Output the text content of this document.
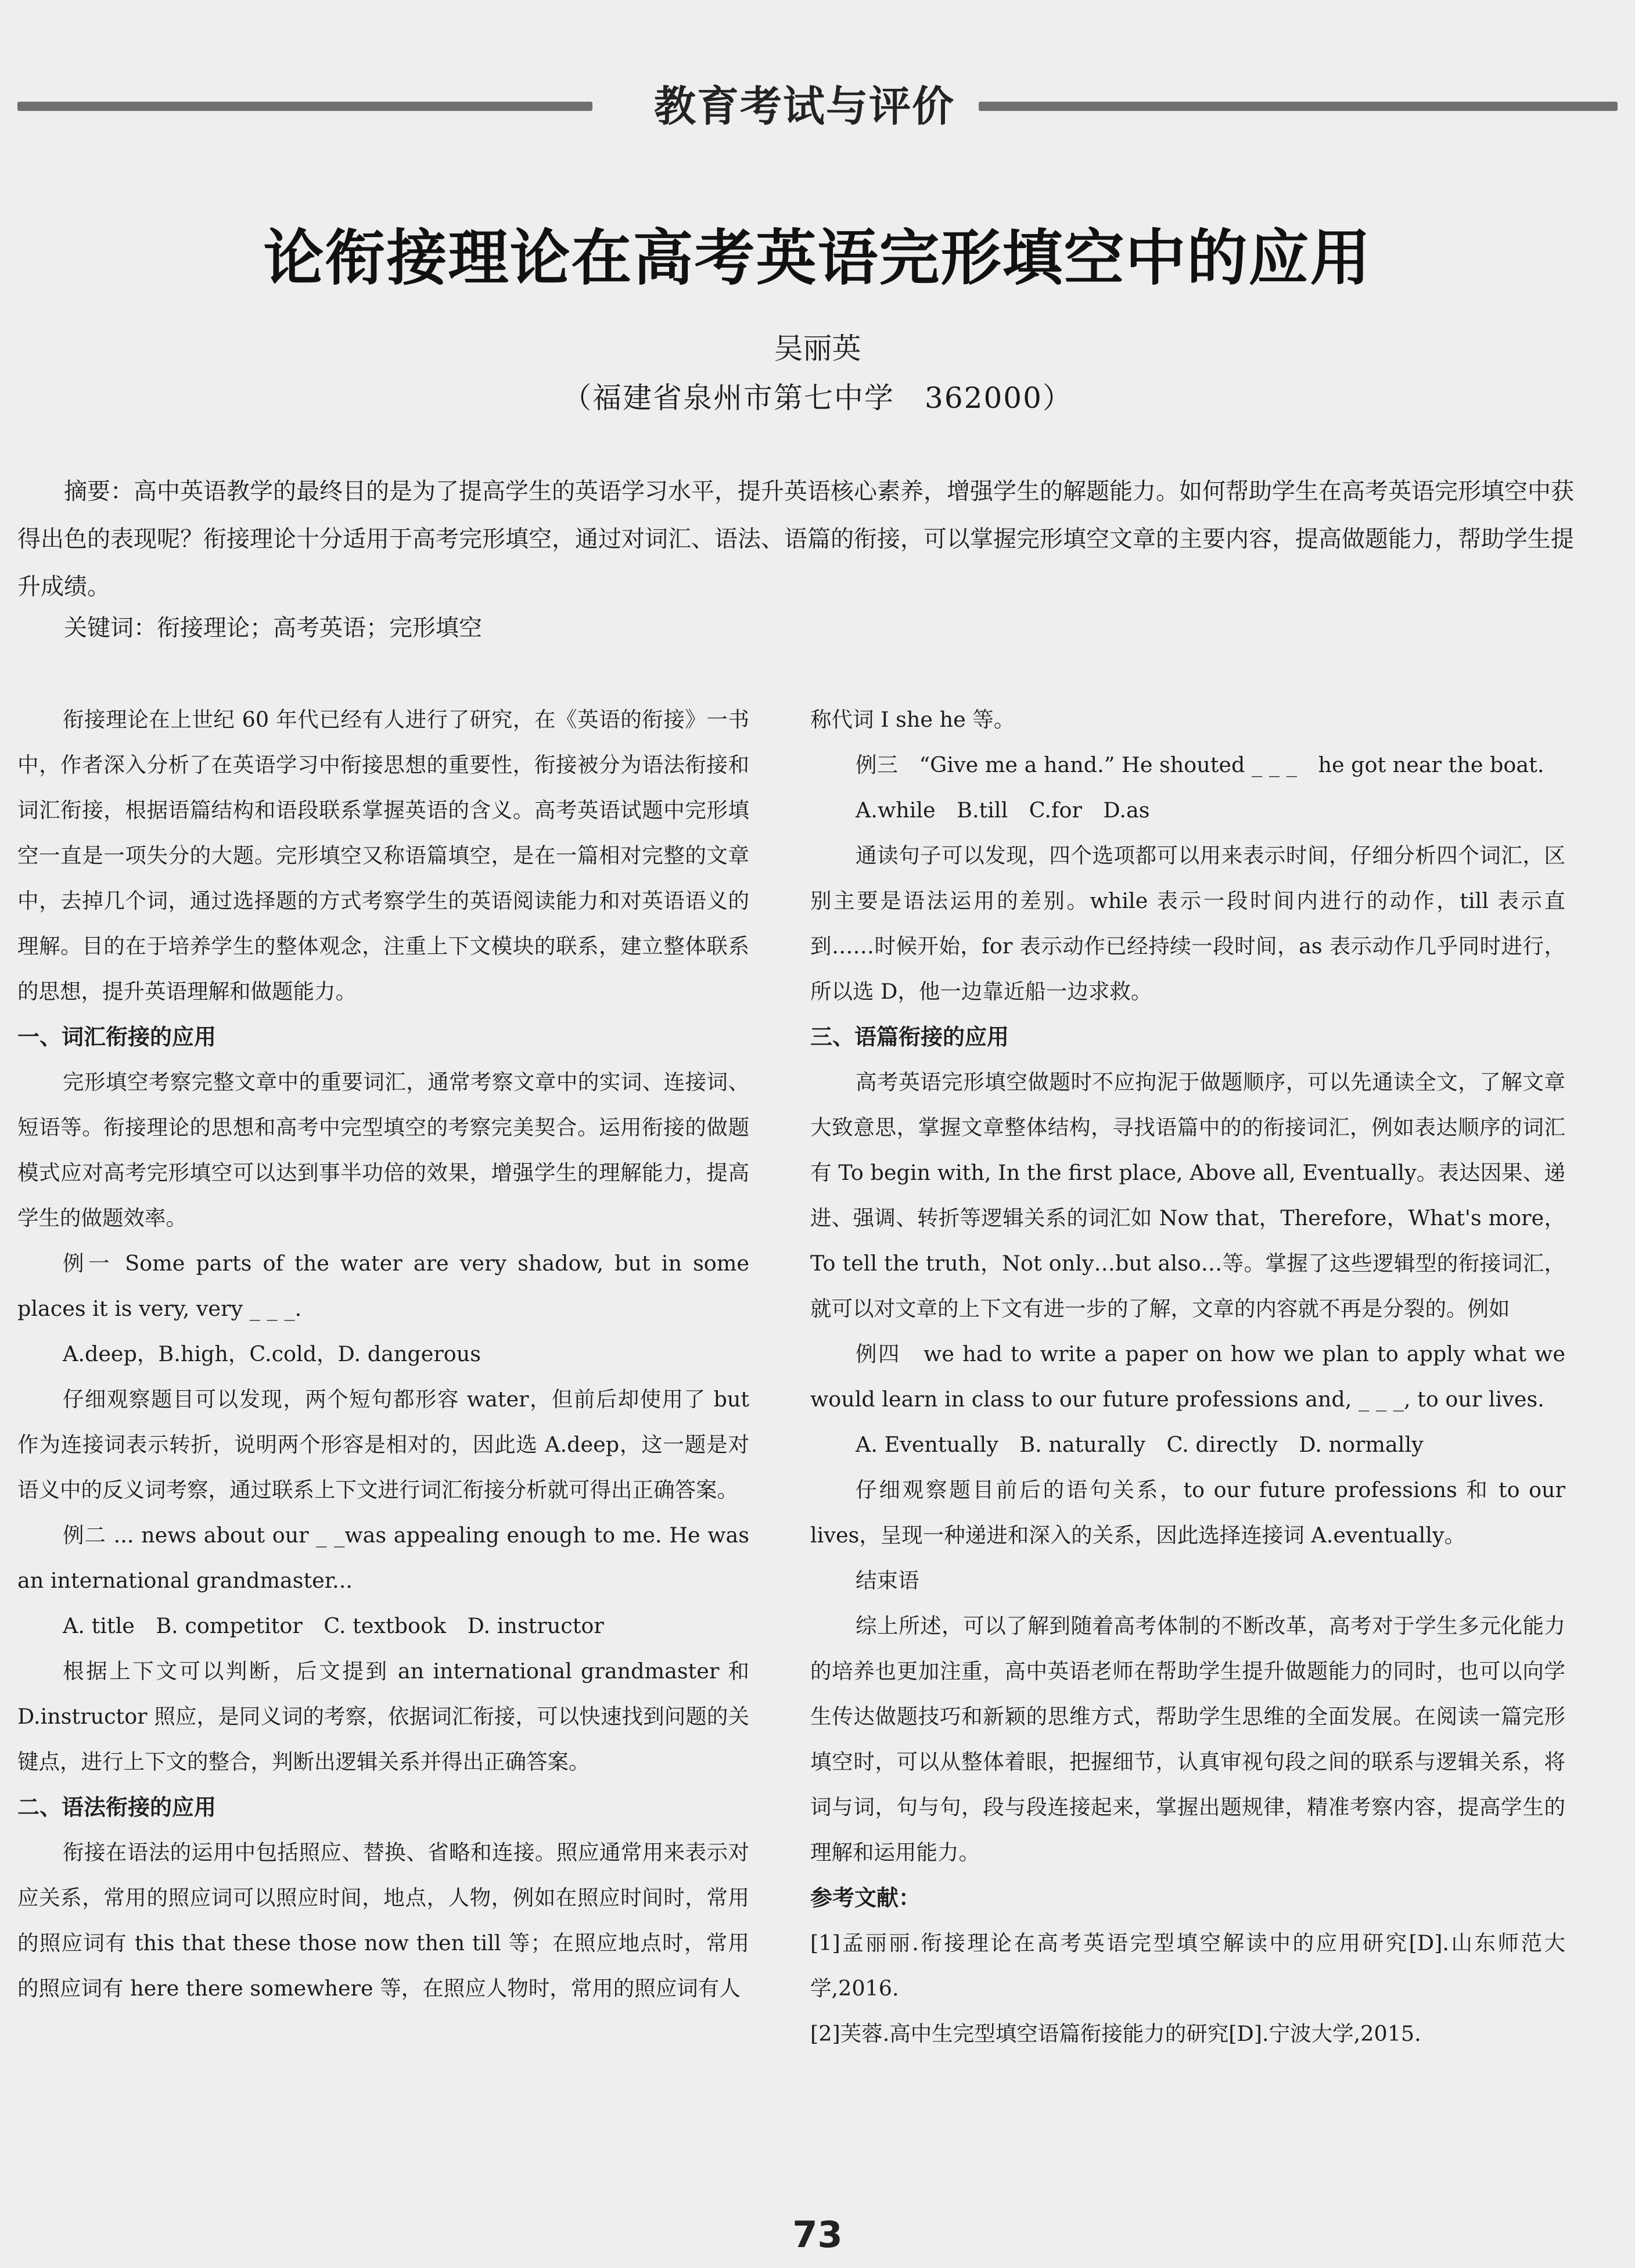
教育考试与评价
论衔接理论在高考英语完形填空中的应用
吴丽英
（福建省泉州市第七中学　362000）
摘要：高中英语教学的最终目的是为了提高学生的英语学习水平，提升英语核心素养，增强学生的解题能力。如何帮助学生在高考英语完形填空中获得出色的表现呢？衔接理论十分适用于高考完形填空，通过对词汇、语法、语篇的衔接，可以掌握完形填空文章的主要内容，提高做题能力，帮助学生提升成绩。
关键词：衔接理论；高考英语；完形填空

衔接理论在上世纪 60 年代已经有人进行了研究，在《英语的衔接》一书中，作者深入分析了在英语学习中衔接思想的重要性，衔接被分为语法衔接和词汇衔接，根据语篇结构和语段联系掌握英语的含义。高考英语试题中完形填空一直是一项失分的大题。完形填空又称语篇填空，是在一篇相对完整的文章中，去掉几个词，通过选择题的方式考察学生的英语阅读能力和对英语语义的理解。目的在于培养学生的整体观念，注重上下文模块的联系，建立整体联系的思想，提升英语理解和做题能力。

一、词汇衔接的应用

完形填空考察完整文章中的重要词汇，通常考察文章中的实词、连接词、短语等。衔接理论的思想和高考中完型填空的考察完美契合。运用衔接的做题模式应对高考完形填空可以达到事半功倍的效果，增强学生的理解能力，提高学生的做题效率。

例一 Some parts of the water are very shadow, but in some places it is very, very _ _ _.

A.deep，B.high，C.cold，D. dangerous

仔细观察题目可以发现，两个短句都形容 water，但前后却使用了 but 作为连接词表示转折，说明两个形容是相对的，因此选 A.deep，这一题是对语义中的反义词考察，通过联系上下文进行词汇衔接分析就可得出正确答案。

例二 ... news about our _ _was appealing enough to me. He was an international grandmaster...

A. title　B. competitor　C. textbook　D. instructor

根据上下文可以判断，后文提到 an international grandmaster 和 D.instructor 照应，是同义词的考察，依据词汇衔接，可以快速找到问题的关键点，进行上下文的整合，判断出逻辑关系并得出正确答案。

二、语法衔接的应用

衔接在语法的运用中包括照应、替换、省略和连接。照应通常用来表示对应关系，常用的照应词可以照应时间，地点，人物，例如在照应时间时，常用的照应词有 this that these those now then till 等；在照应地点时，常用的照应词有 here there somewhere 等，在照应人物时，常用的照应词有人

称代词 I she he 等。

例三　“Give me a hand.” He shouted _ _ _　he got near the boat.

A.while　B.till　C.for　D.as

通读句子可以发现，四个选项都可以用来表示时间，仔细分析四个词汇，区别主要是语法运用的差别。while 表示一段时间内进行的动作，till 表示直到……时候开始，for 表示动作已经持续一段时间，as 表示动作几乎同时进行，所以选 D，他一边靠近船一边求救。

三、语篇衔接的应用

高考英语完形填空做题时不应拘泥于做题顺序，可以先通读全文，了解文章大致意思，掌握文章整体结构，寻找语篇中的的衔接词汇，例如表达顺序的词汇有 To begin with, In the first place, Above all, Eventually。表达因果、递进、强调、转折等逻辑关系的词汇如 Now that，Therefore，What's more，To tell the truth，Not only…but also…等。掌握了这些逻辑型的衔接词汇，就可以对文章的上下文有进一步的了解，文章的内容就不再是分裂的。例如

例四　we had to write a paper on how we plan to apply what we would learn in class to our future professions and, _ _ _, to our lives.

A. Eventually　B. naturally　C. directly　D. normally

仔细观察题目前后的语句关系，to our future professions 和 to our lives，呈现一种递进和深入的关系，因此选择连接词 A.eventually。

结束语

综上所述，可以了解到随着高考体制的不断改革，高考对于学生多元化能力的培养也更加注重，高中英语老师在帮助学生提升做题能力的同时，也可以向学生传达做题技巧和新颖的思维方式，帮助学生思维的全面发展。在阅读一篇完形填空时，可以从整体着眼，把握细节，认真审视句段之间的联系与逻辑关系，将词与词，句与句，段与段连接起来，掌握出题规律，精准考察内容，提高学生的理解和运用能力。

参考文献：

[1]孟丽丽.衔接理论在高考英语完型填空解读中的应用研究[D].山东师范大学,2016.

[2]芙蓉.高中生完型填空语篇衔接能力的研究[D].宁波大学,2015.

73
